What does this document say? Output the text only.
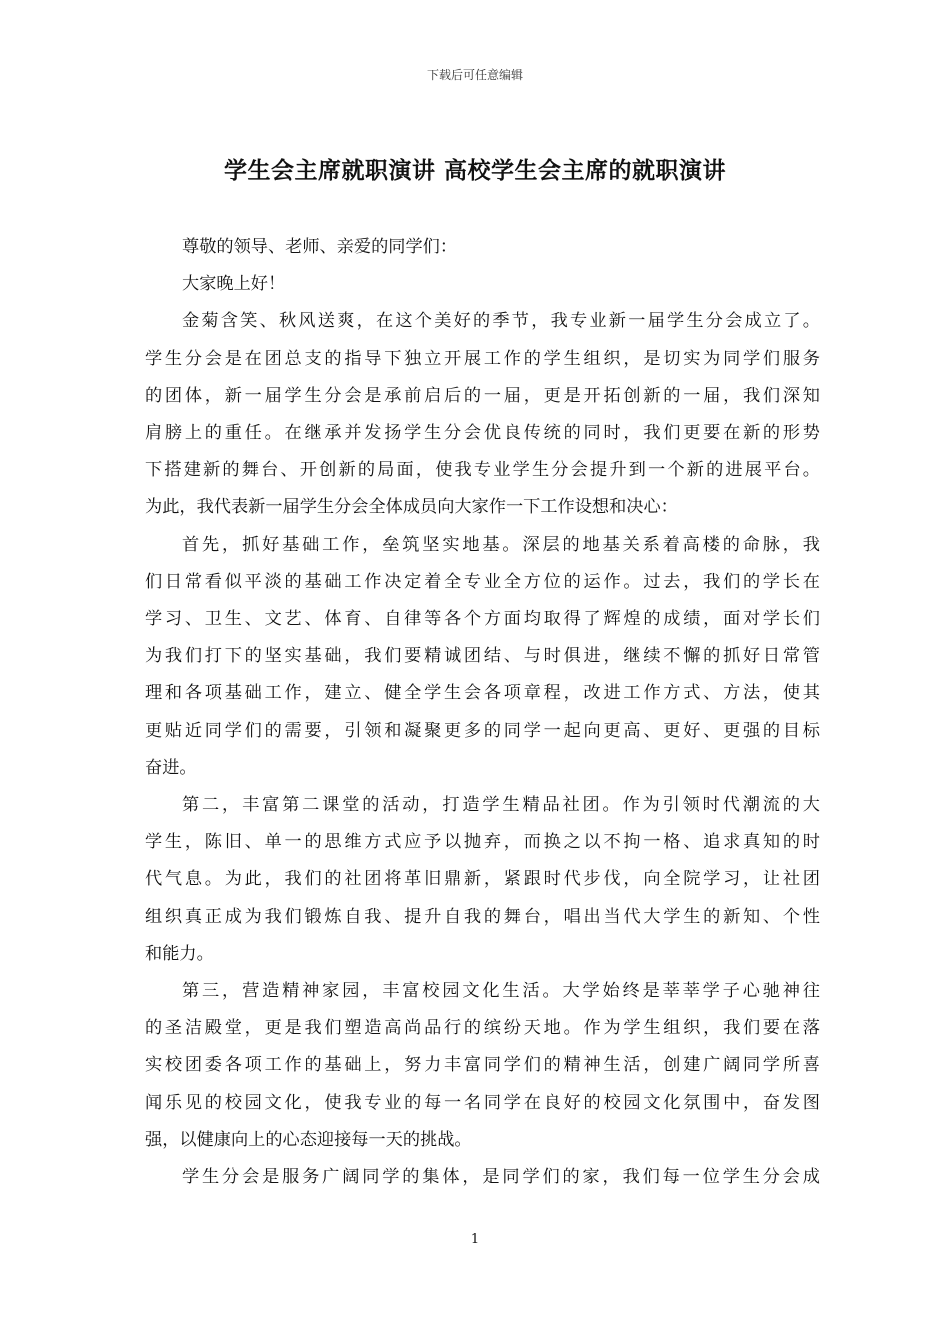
下载后可任意编辑
学生会主席就职演讲 高校学生会主席的就职演讲
尊敬的领导、老师、亲爱的同学们：
大家晚上好！
金菊含笑、秋风送爽，在这个美好的季节，我专业新一届学生分会成立了。
学生分会是在团总支的指导下独立开展工作的学生组织，是切实为同学们服务
的团体，新一届学生分会是承前启后的一届，更是开拓创新的一届，我们深知
肩膀上的重任。在继承并发扬学生分会优良传统的同时，我们更要在新的形势
下搭建新的舞台、开创新的局面，使我专业学生分会提升到一个新的进展平台。
为此，我代表新一届学生分会全体成员向大家作一下工作设想和决心：
首先，抓好基础工作，垒筑坚实地基。深层的地基关系着高楼的命脉，我
们日常看似平淡的基础工作决定着全专业全方位的运作。过去，我们的学长在
学习、卫生、文艺、体育、自律等各个方面均取得了辉煌的成绩，面对学长们
为我们打下的坚实基础，我们要精诚团结、与时俱进，继续不懈的抓好日常管
理和各项基础工作，建立、健全学生会各项章程，改进工作方式、方法，使其
更贴近同学们的需要，引领和凝聚更多的同学一起向更高、更好、更强的目标
奋进。
第二，丰富第二课堂的活动，打造学生精品社团。作为引领时代潮流的大
学生，陈旧、单一的思维方式应予以抛弃，而换之以不拘一格、追求真知的时
代气息。为此，我们的社团将革旧鼎新，紧跟时代步伐，向全院学习，让社团
组织真正成为我们锻炼自我、提升自我的舞台，唱出当代大学生的新知、个性
和能力。
第三，营造精神家园，丰富校园文化生活。大学始终是莘莘学子心驰神往
的圣洁殿堂，更是我们塑造高尚品行的缤纷天地。作为学生组织，我们要在落
实校团委各项工作的基础上，努力丰富同学们的精神生活，创建广阔同学所喜
闻乐见的校园文化，使我专业的每一名同学在良好的校园文化氛围中，奋发图
强，以健康向上的心态迎接每一天的挑战。
学生分会是服务广阔同学的集体，是同学们的家，我们每一位学生分会成
1
